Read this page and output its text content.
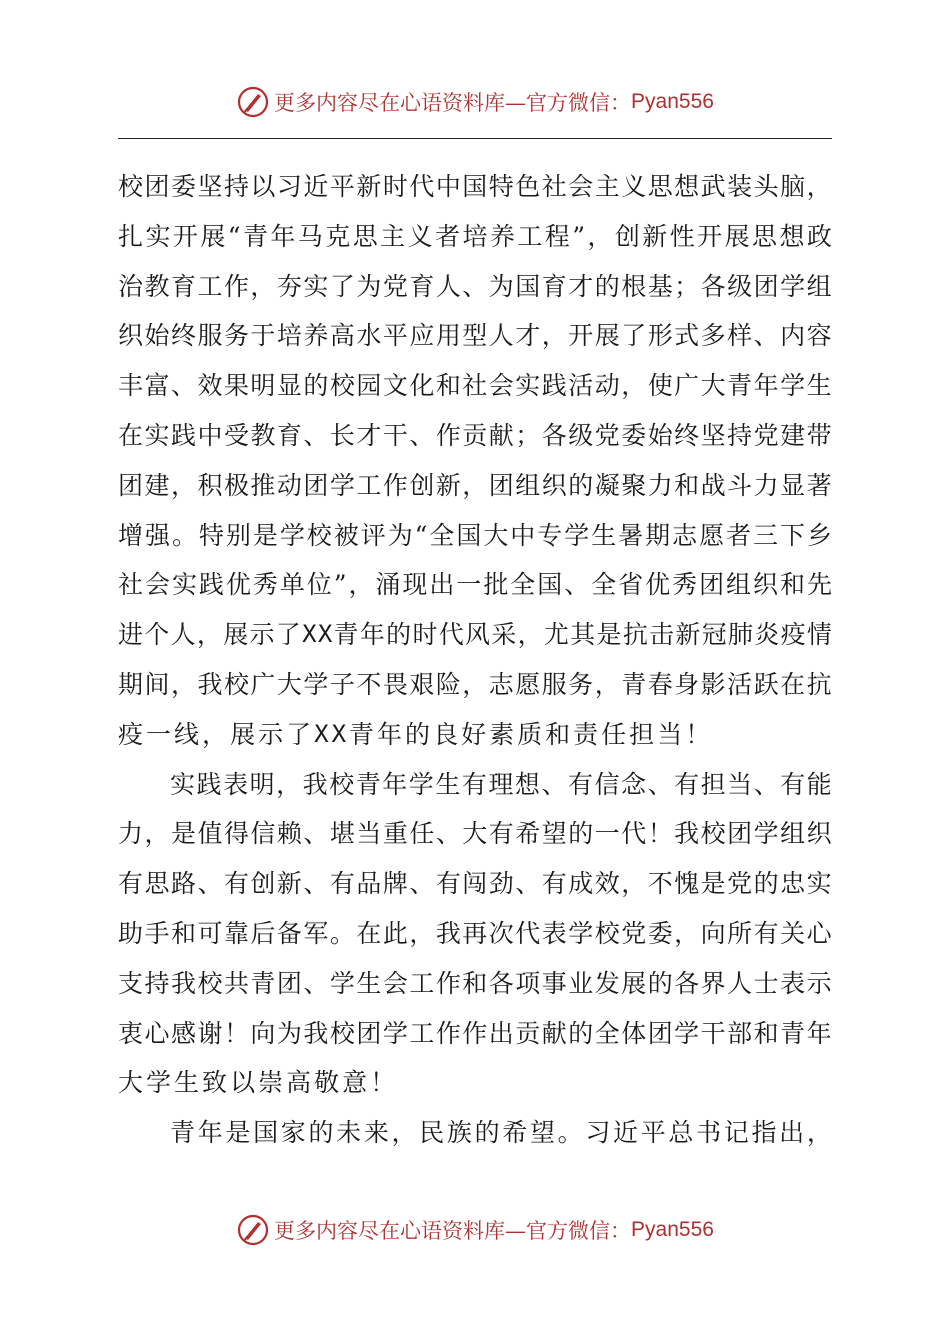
更多内容尽在心语资料库—官方微信： Pyan556
校 团 委 坚 持 以 习 近 平 新 时 代 中 国 特 色 社 会 主 义 思 想 武 装 头 脑 ，
扎 实 开 展 “ 青 年 马 克 思 主 义 者 培 养 工 程 ” ， 创 新 性 开 展 思 想 政
治 教 育 工 作 ， 夯 实 了 为 党 育 人 、 为 国 育 才 的 根 基 ； 各 级 团 学 组
织 始 终 服 务 于 培 养 高 水 平 应 用 型 人 才 ， 开 展 了 形 式 多 样 、 内 容
丰 富 、 效 果 明 显 的 校 园 文 化 和 社 会 实 践 活 动 ， 使 广 大 青 年 学 生
在 实 践 中 受 教 育 、 长 才 干 、 作 贡 献 ； 各 级 党 委 始 终 坚 持 党 建 带
团 建 ， 积 极 推 动 团 学 工 作 创 新 ， 团 组 织 的 凝 聚 力 和 战 斗 力 显 著
增 强 。 特 别 是 学 校 被 评 为 “ 全 国 大 中 专 学 生 暑 期 志 愿 者 三 下 乡
社 会 实 践 优 秀 单 位 ” ， 涌 现 出 一 批 全 国 、 全 省 优 秀 团 组 织 和 先
进 个 人 ， 展 示 了 X X 青 年 的 时 代 风 采 ， 尤 其 是 抗 击 新 冠 肺 炎 疫 情
期 间 ， 我 校 广 大 学 子 不 畏 艰 险 ， 志 愿 服 务 ， 青 春 身 影 活 跃 在 抗
疫 一 线 ， 展 示 了 X X 青 年 的 良 好 素 质 和 责 任 担 当 ！
实 践 表 明 ， 我 校 青 年 学 生 有 理 想 、 有 信 念 、 有 担 当 、 有 能
力 ， 是 值 得 信 赖 、 堪 当 重 任 、 大 有 希 望 的 一 代 ！ 我 校 团 学 组 织
有 思 路 、 有 创 新 、 有 品 牌 、 有 闯 劲 、 有 成 效 ， 不 愧 是 党 的 忠 实
助 手 和 可 靠 后 备 军 。 在 此 ， 我 再 次 代 表 学 校 党 委 ， 向 所 有 关 心
支 持 我 校 共 青 团 、 学 生 会 工 作 和 各 项 事 业 发 展 的 各 界 人 士 表 示
衷 心 感 谢 ！ 向 为 我 校 团 学 工 作 作 出 贡 献 的 全 体 团 学 干 部 和 青 年
大 学 生 致 以 崇 高 敬 意 ！
青 年 是 国 家 的 未 来 ， 民 族 的 希 望 。 习 近 平 总 书 记 指 出 ，
更多内容尽在心语资料库—官方微信： Pyan556
